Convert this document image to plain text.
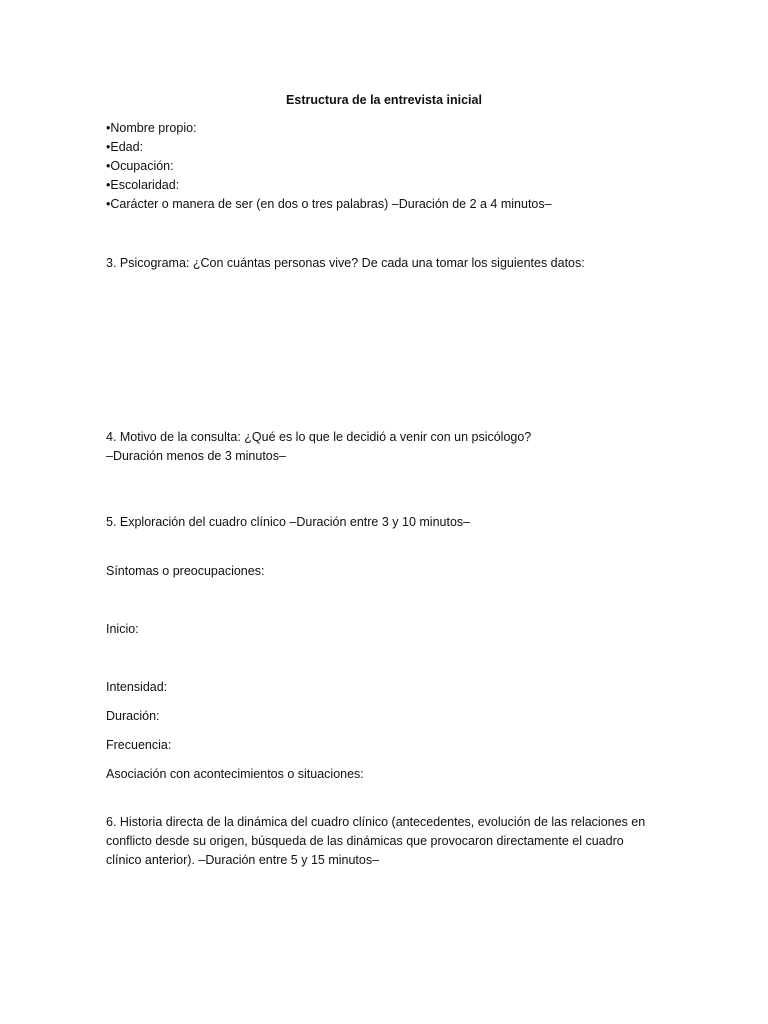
Estructura de la entrevista inicial
•Nombre propio:
•Edad:
•Ocupación:
•Escolaridad:
•Carácter o manera de ser (en dos o tres palabras) –Duración de 2 a 4 minutos–
3. Psicograma: ¿Con cuántas personas vive? De cada una tomar los siguientes datos:
4. Motivo de la consulta: ¿Qué es lo que le decidió a venir con un psicólogo?
–Duración menos de 3 minutos–
5. Exploración del cuadro clínico –Duración entre 3 y 10 minutos–
Síntomas o preocupaciones:
Inicio:
Intensidad:
Duración:
Frecuencia:
Asociación con acontecimientos o situaciones:
6. Historia directa de la dinámica del cuadro clínico (antecedentes, evolución de las relaciones en
conflicto desde su origen, búsqueda de las dinámicas que provocaron directamente el cuadro
clínico anterior). –Duración entre 5 y 15 minutos–
